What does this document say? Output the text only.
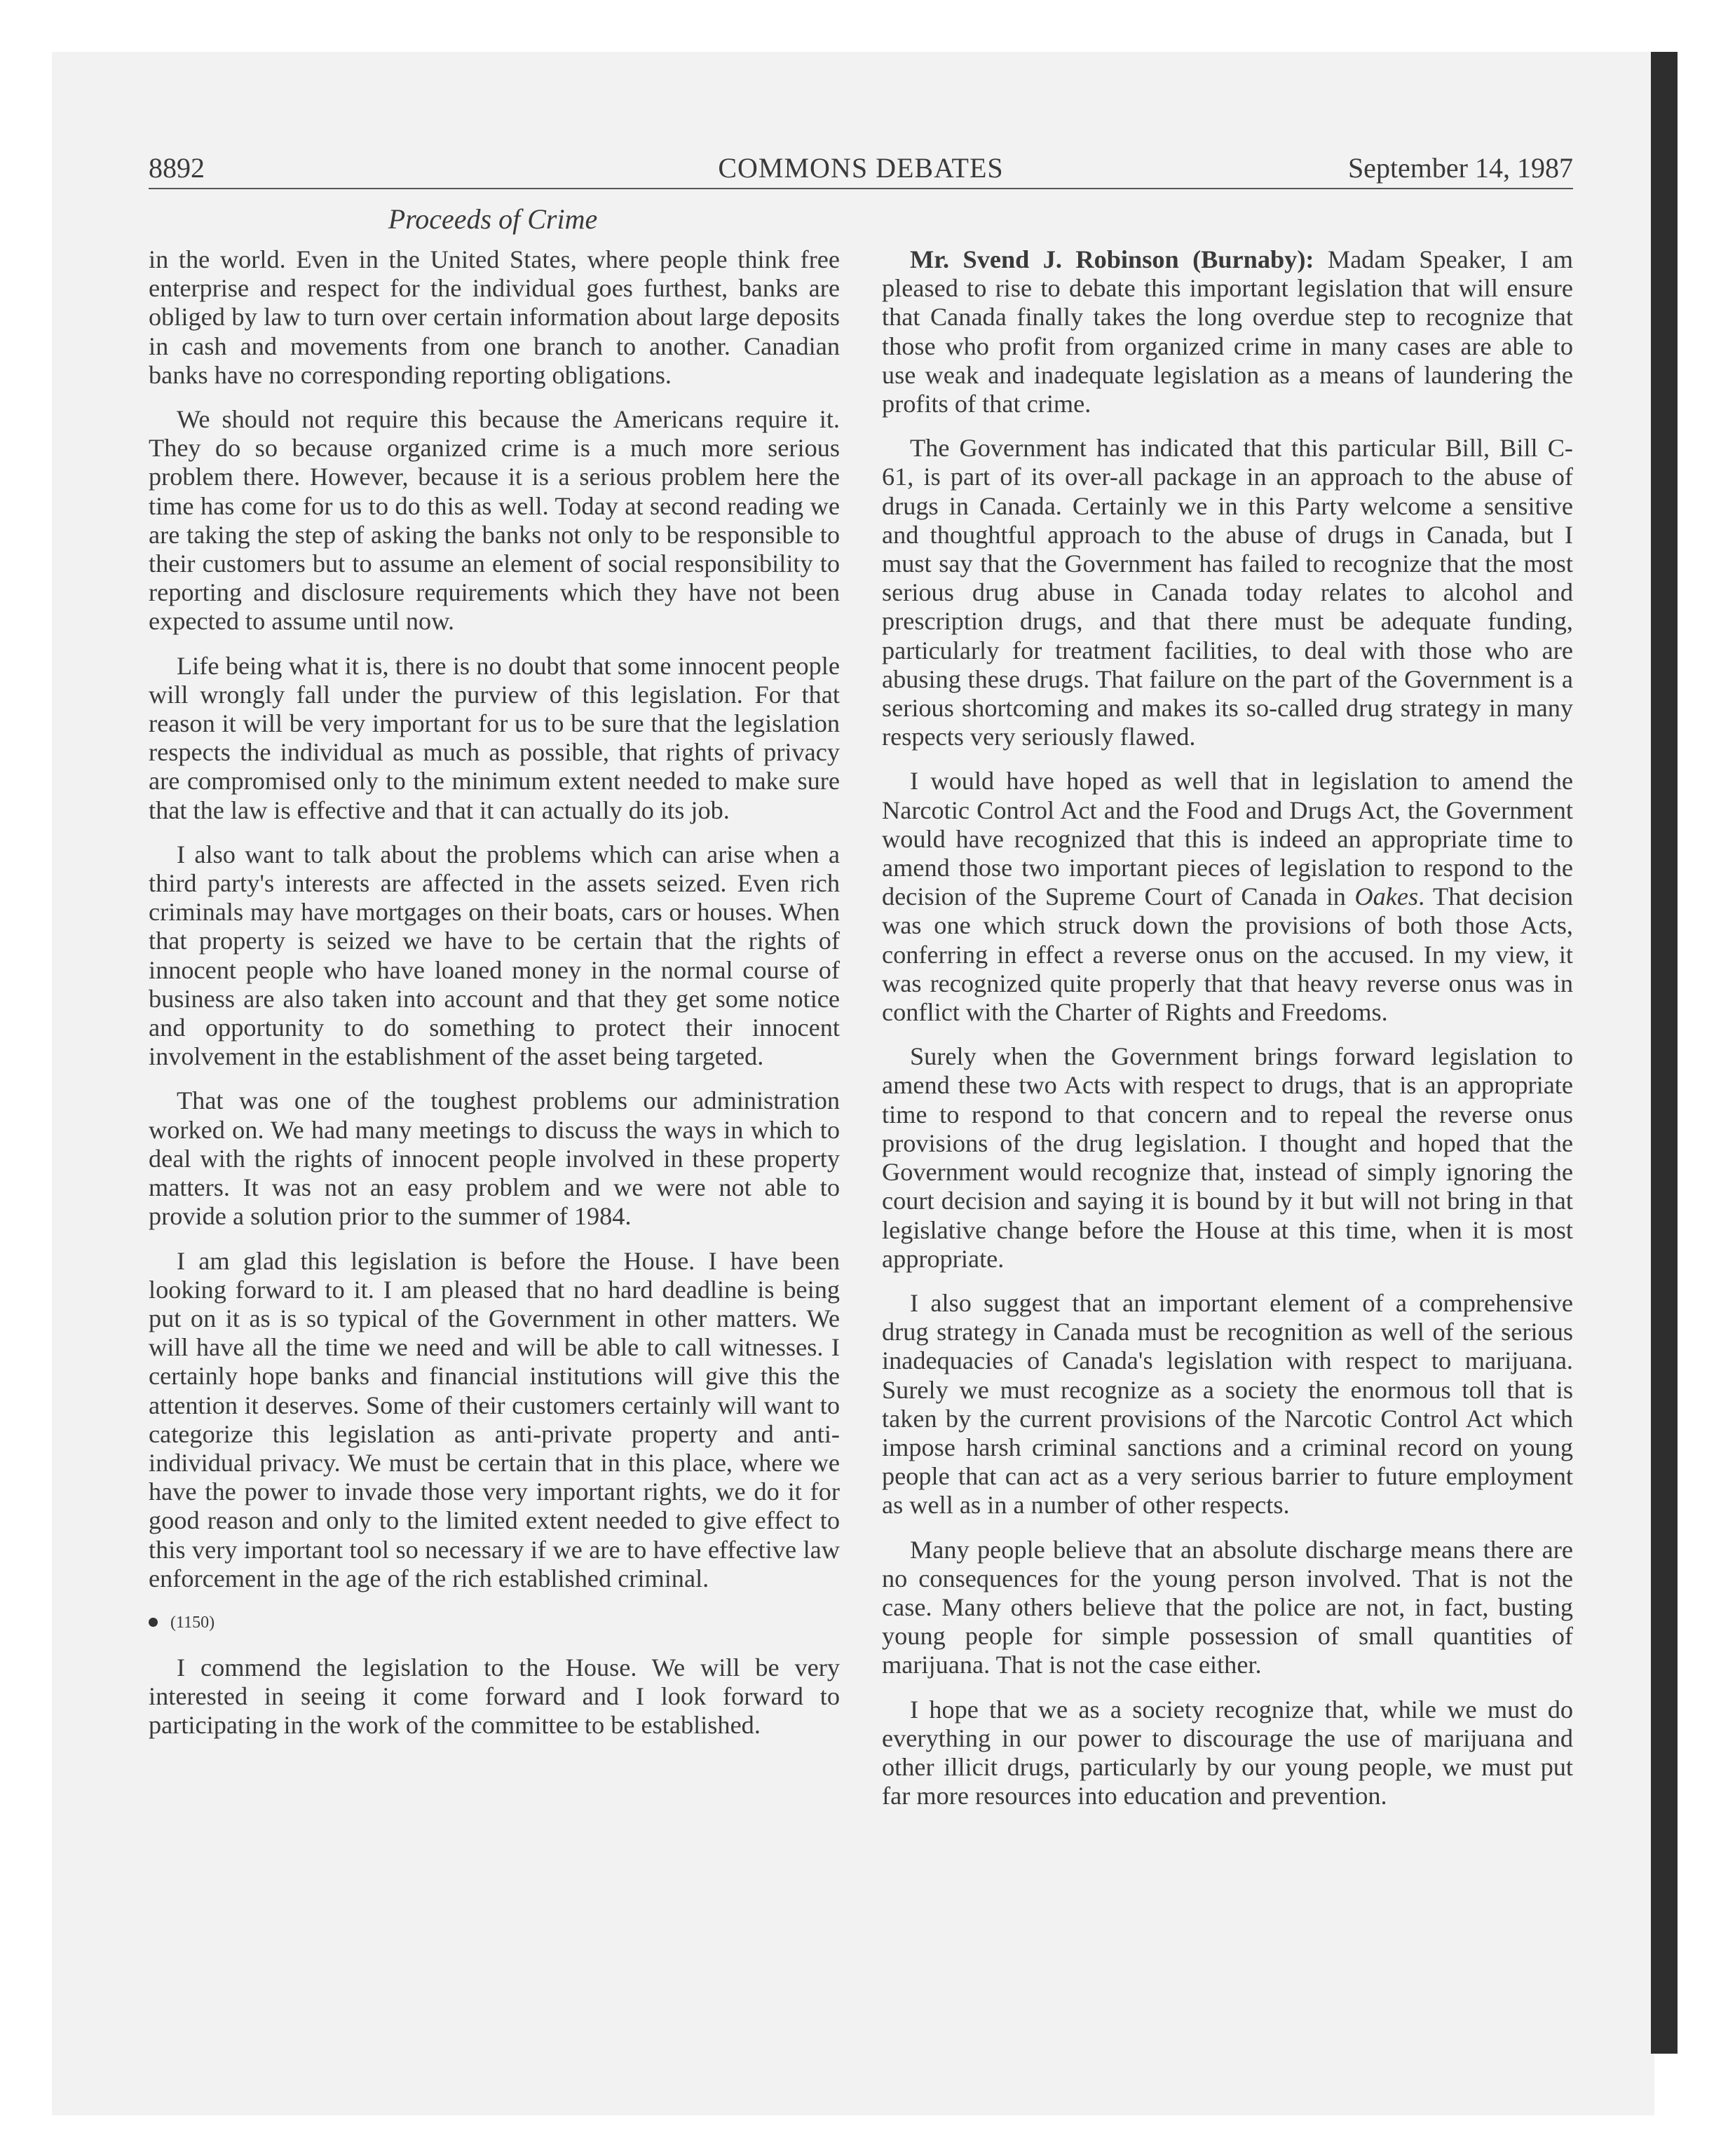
8892	COMMONS DEBATES	September 14, 1987
Proceeds of Crime

in the world. Even in the United States, where people think free enterprise and respect for the individual goes furthest, banks are obliged by law to turn over certain information about large deposits in cash and movements from one branch to another. Canadian banks have no corresponding reporting obligations.

We should not require this because the Americans require it. They do so because organized crime is a much more serious problem there. However, because it is a serious problem here the time has come for us to do this as well. Today at second reading we are taking the step of asking the banks not only to be responsible to their customers but to assume an element of social responsibility to reporting and disclosure requirements which they have not been expected to assume until now.

Life being what it is, there is no doubt that some innocent people will wrongly fall under the purview of this legislation. For that reason it will be very important for us to be sure that the legislation respects the individual as much as possible, that rights of privacy are compromised only to the minimum extent needed to make sure that the law is effective and that it can actually do its job.

I also want to talk about the problems which can arise when a third party's interests are affected in the assets seized. Even rich criminals may have mortgages on their boats, cars or houses. When that property is seized we have to be certain that the rights of innocent people who have loaned money in the normal course of business are also taken into account and that they get some notice and opportunity to do something to protect their innocent involvement in the establishment of the asset being targeted.

That was one of the toughest problems our administration worked on. We had many meetings to discuss the ways in which to deal with the rights of innocent people involved in these property matters. It was not an easy problem and we were not able to provide a solution prior to the summer of 1984.

I am glad this legislation is before the House. I have been looking forward to it. I am pleased that no hard deadline is being put on it as is so typical of the Government in other matters. We will have all the time we need and will be able to call witnesses. I certainly hope banks and financial institutions will give this the attention it deserves. Some of their customers certainly will want to categorize this legislation as anti-private property and anti-individual privacy. We must be certain that in this place, where we have the power to invade those very important rights, we do it for good reason and only to the limited extent needed to give effect to this very important tool so necessary if we are to have effective law enforcement in the age of the rich established criminal.

(1150)

I commend the legislation to the House. We will be very interested in seeing it come forward and I look forward to participating in the work of the committee to be established.

Mr. Svend J. Robinson (Burnaby): Madam Speaker, I am pleased to rise to debate this important legislation that will ensure that Canada finally takes the long overdue step to recognize that those who profit from organized crime in many cases are able to use weak and inadequate legislation as a means of laundering the profits of that crime.

The Government has indicated that this particular Bill, Bill C-61, is part of its over-all package in an approach to the abuse of drugs in Canada. Certainly we in this Party welcome a sensitive and thoughtful approach to the abuse of drugs in Canada, but I must say that the Government has failed to recognize that the most serious drug abuse in Canada today relates to alcohol and prescription drugs, and that there must be adequate funding, particularly for treatment facilities, to deal with those who are abusing these drugs. That failure on the part of the Government is a serious shortcoming and makes its so-called drug strategy in many respects very seriously flawed.

I would have hoped as well that in legislation to amend the Narcotic Control Act and the Food and Drugs Act, the Government would have recognized that this is indeed an appropriate time to amend those two important pieces of legislation to respond to the decision of the Supreme Court of Canada in Oakes. That decision was one which struck down the provisions of both those Acts, conferring in effect a reverse onus on the accused. In my view, it was recognized quite properly that that heavy reverse onus was in conflict with the Charter of Rights and Freedoms.

Surely when the Government brings forward legislation to amend these two Acts with respect to drugs, that is an appropriate time to respond to that concern and to repeal the reverse onus provisions of the drug legislation. I thought and hoped that the Government would recognize that, instead of simply ignoring the court decision and saying it is bound by it but will not bring in that legislative change before the House at this time, when it is most appropriate.

I also suggest that an important element of a comprehensive drug strategy in Canada must be recognition as well of the serious inadequacies of Canada's legislation with respect to marijuana. Surely we must recognize as a society the enormous toll that is taken by the current provisions of the Narcotic Control Act which impose harsh criminal sanctions and a criminal record on young people that can act as a very serious barrier to future employment as well as in a number of other respects.

Many people believe that an absolute discharge means there are no consequences for the young person involved. That is not the case. Many others believe that the police are not, in fact, busting young people for simple possession of small quantities of marijuana. That is not the case either.

I hope that we as a society recognize that, while we must do everything in our power to discourage the use of marijuana and other illicit drugs, particularly by our young people, we must put far more resources into education and prevention.
